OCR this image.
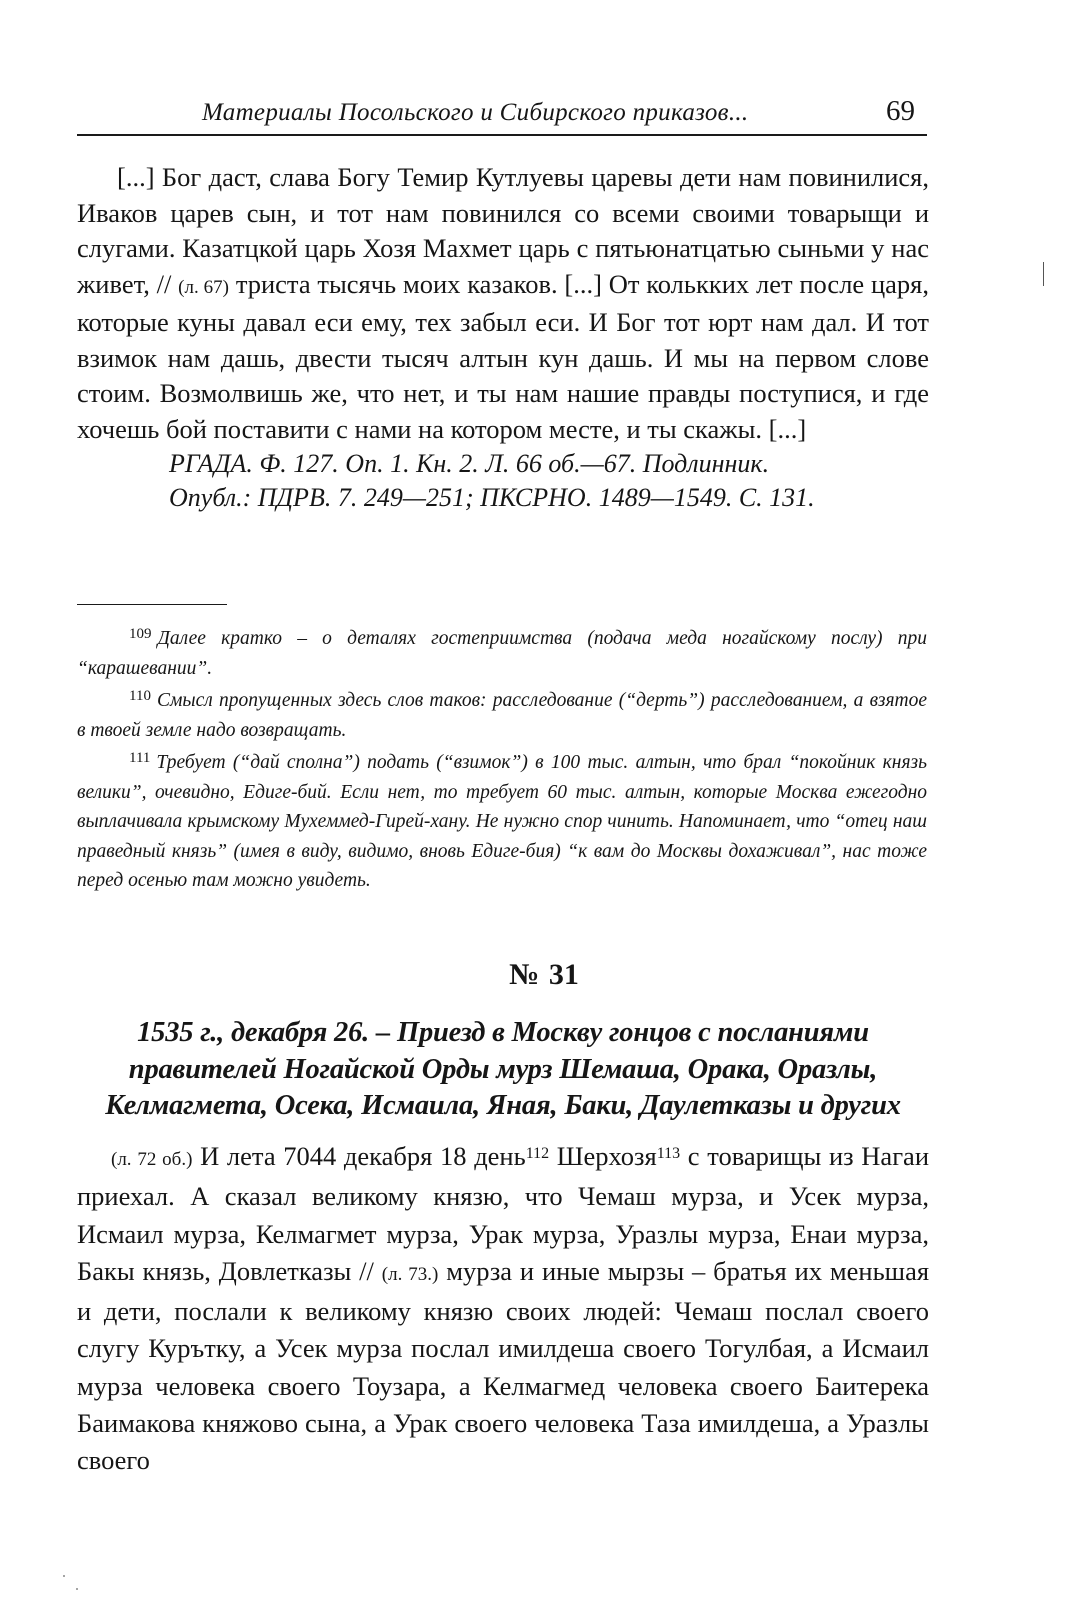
Материалы Посольского и Сибирского приказов...	69

[...] Бог даст, слава Богу Темир Кутлуевы царевы дети нам повинилися, Иваков царев сын, и тот нам повинился со всеми своими товарыщи и слугами. Казатцкой царь Хозя Махмет царь с пятьюнатцатью сыньми у нас живет, // (л. 67) триста тысячь моих казаков. [...] От колькких лет после царя, которые куны давал еси ему, тех забыл еси. И Бог тот юрт нам дал. И тот взимок нам дашь, двести тысяч алтын кун дашь. И мы на первом слове стоим. Возмолвишь же, что нет, и ты нам нашие правды поступися, и где хочешь бой поставити с нами на котором месте, и ты скажы. [...]

РГАДА. Ф. 127. Оп. 1. Кн. 2. Л. 66 об.—67. Подлинник.

Опубл.: ПДРВ. 7. 249—251; ПКСРНО. 1489—1549. С. 131.

$^{109}$ Далее кратко – о деталях гостеприимства (подача меда ногайскому послу) при “карашевании”.

$^{110}$ Смысл пропущенных здесь слов таков: расследование (“дерть”) расследованием, а взятое в твоей земле надо возвращать.

$^{111}$ Требует (“дай сполна”) подать (“взимок”) в 100 тыс. алтын, что брал “покойник князь велики”, очевидно, Едиге-бий. Если нет, то требует 60 тыс. алтын, которые Москва ежегодно выплачивала крымскому Мухеммед-Гирей-хану. Не нужно спор чинить. Напоминает, что “отец наш праведный князь” (имея в виду, видимо, вновь Едиге-бия) “к вам до Москвы дохаживал”, нас тоже перед осенью там можно увидеть.

№ 31
1535 г., декабря 26. – Приезд в Москву гонцов с посланиями правителей Ногайской Орды мурз Шемаша, Орака, Оразлы, Келмагмета, Осека, Исмаила, Яная, Баки, Даулетказы и других

(л. 72 об.) И лета 7044 декабря 18 день$^{112}$ Шерхозя$^{113}$ с товарищы из Нагаи приехал. А сказал великому князю, что Чемаш мурза, и Усек мурза, Исмаил мурза, Келмагмет мурза, Урак мурза, Уразлы мурза, Енаи мурза, Бакы князь, Довлетказы // (л. 73.) мурза и иные мырзы – братья их меньшая и дети, послали к великому князю своих людей: Чемаш послал своего слугу Курътку, а Усек мурза послал имилдеша своего Тогулбая, а Исмаил мурза человека своего Тоузара, а Келмагмед человека своего Баитерека Баимакова княжово сына, а Урак своего человека Таза имилдеша, а Уразлы своего
